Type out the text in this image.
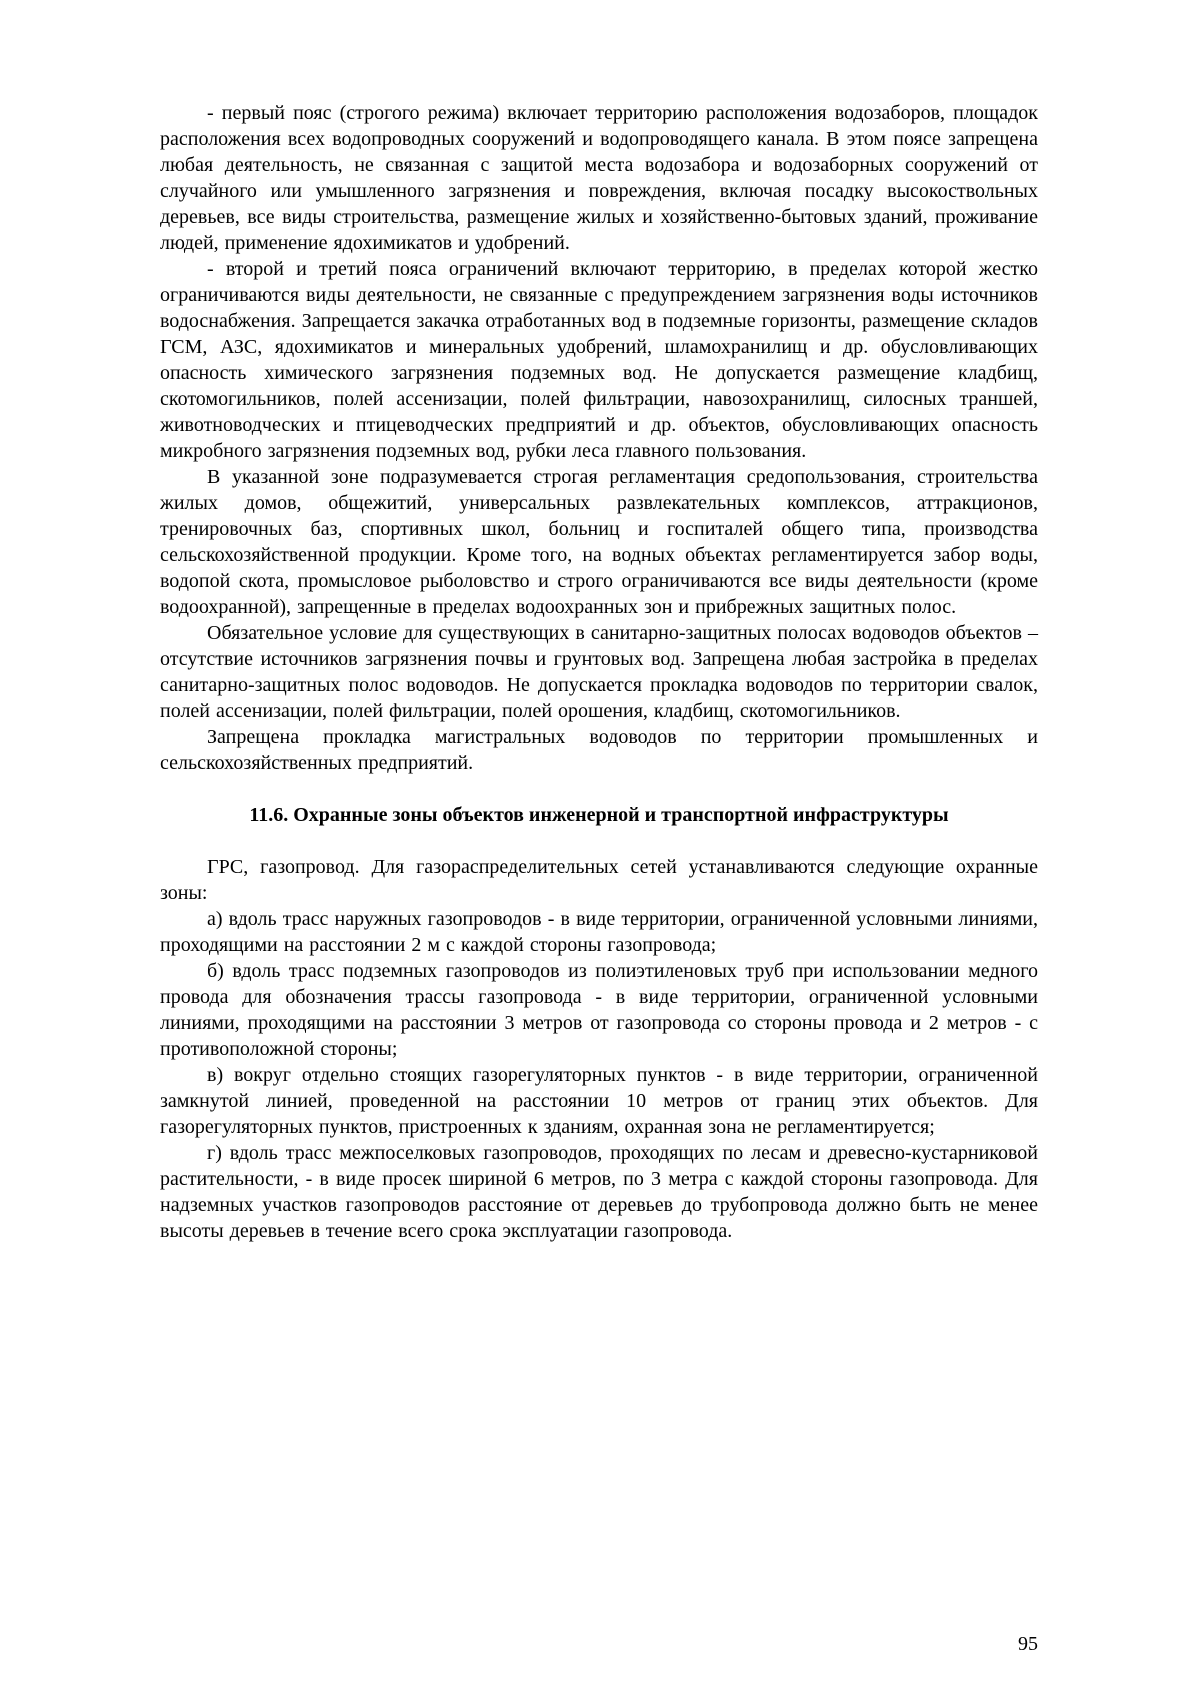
- первый пояс (строгого режима) включает территорию расположения водозаборов, площадок расположения всех водопроводных сооружений и водопроводящего канала. В этом поясе запрещена любая деятельность, не связанная с защитой места водозабора и водозаборных сооружений от случайного или умышленного загрязнения и повреждения, включая посадку высокоствольных деревьев, все виды строительства, размещение жилых и хозяйственно-бытовых зданий, проживание людей, применение ядохимикатов и удобрений.

- второй и третий пояса ограничений включают территорию, в пределах которой жестко ограничиваются виды деятельности, не связанные с предупреждением загрязнения воды источников водоснабжения. Запрещается закачка отработанных вод в подземные горизонты, размещение складов ГСМ, АЗС, ядохимикатов и минеральных удобрений, шламохранилищ и др. обусловливающих опасность химического загрязнения подземных вод. Не допускается размещение кладбищ, скотомогильников, полей ассенизации, полей фильтрации, навозохранилищ, силосных траншей, животноводческих и птицеводческих предприятий и др. объектов, обусловливающих опасность микробного загрязнения подземных вод, рубки леса главного пользования.

В указанной зоне подразумевается строгая регламентация средопользования, строительства жилых домов, общежитий, универсальных развлекательных комплексов, аттракционов, тренировочных баз, спортивных школ, больниц и госпиталей общего типа, производства сельскохозяйственной продукции. Кроме того, на водных объектах регламентируется забор воды, водопой скота, промысловое рыболовство и строго ограничиваются все виды деятельности (кроме водоохранной), запрещенные в пределах водоохранных зон и прибрежных защитных полос.

Обязательное условие для существующих в санитарно-защитных полосах водоводов объектов – отсутствие источников загрязнения почвы и грунтовых вод. Запрещена любая застройка в пределах санитарно-защитных полос водоводов. Не допускается прокладка водоводов по территории свалок, полей ассенизации, полей фильтрации, полей орошения, кладбищ, скотомогильников.

Запрещена прокладка магистральных водоводов по территории промышленных и сельскохозяйственных предприятий.

11.6. Охранные зоны объектов инженерной и транспортной инфраструктуры

ГРС, газопровод. Для газораспределительных сетей устанавливаются следующие охранные зоны:

а) вдоль трасс наружных газопроводов - в виде территории, ограниченной условными линиями, проходящими на расстоянии 2 м с каждой стороны газопровода;

б) вдоль трасс подземных газопроводов из полиэтиленовых труб при использовании медного провода для обозначения трассы газопровода - в виде территории, ограниченной условными линиями, проходящими на расстоянии 3 метров от газопровода со стороны провода и 2 метров - с противоположной стороны;

в) вокруг отдельно стоящих газорегуляторных пунктов - в виде территории, ограниченной замкнутой линией, проведенной на расстоянии 10 метров от границ этих объектов. Для газорегуляторных пунктов, пристроенных к зданиям, охранная зона не регламентируется;

г) вдоль трасс межпоселковых газопроводов, проходящих по лесам и древесно-кустарниковой растительности, - в виде просек шириной 6 метров, по 3 метра с каждой стороны газопровода. Для надземных участков газопроводов расстояние от деревьев до трубопровода должно быть не менее высоты деревьев в течение всего срока эксплуатации газопровода.

95
